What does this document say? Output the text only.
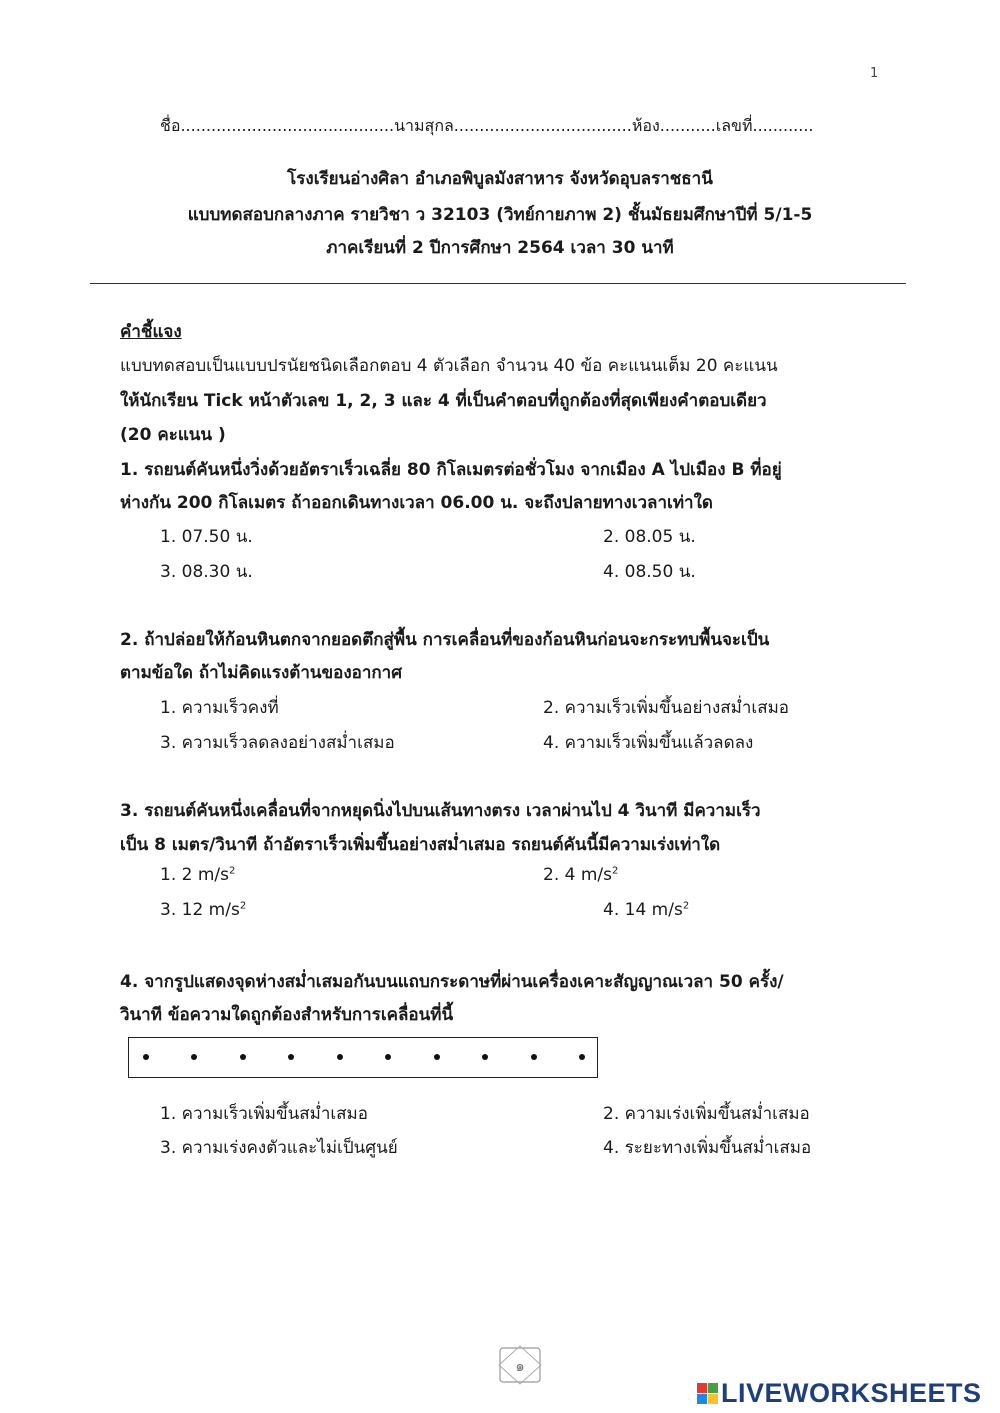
1
ชื่อ..........................................นามสุกล...................................ห้อง...........เลขที่............
โรงเรียนอ่างศิลา อำเภอพิบูลมังสาหาร จังหวัดอุบลราชธานี
แบบทดสอบกลางภาค รายวิชา ว 32103 (วิทย์กายภาพ 2) ชั้นมัธยมศึกษาปีที่ 5/1-5
ภาคเรียนที่ 2 ปีการศึกษา 2564 เวลา 30 นาที
คำชี้แจง
แบบทดสอบเป็นแบบปรนัยชนิดเลือกตอบ 4 ตัวเลือก จำนวน 40 ข้อ คะแนนเต็ม 20 คะแนน
ให้นักเรียน Tick หน้าตัวเลข 1, 2, 3 และ 4 ที่เป็นคำตอบที่ถูกต้องที่สุดเพียงคำตอบเดียว
(20 คะแนน )
1. รถยนต์คันหนึ่งวิ่งด้วยอัตราเร็วเฉลี่ย 80 กิโลเมตรต่อชั่วโมง จากเมือง A ไปเมือง B ที่อยู่
ห่างกัน 200 กิโลเมตร ถ้าออกเดินทางเวลา 06.00 น. จะถึงปลายทางเวลาเท่าใด
1. 07.50 น.	2. 08.05 น.
3. 08.30 น.	4. 08.50 น.
2. ถ้าปล่อยให้ก้อนหินตกจากยอดตึกสู่พื้น การเคลื่อนที่ของก้อนหินก่อนจะกระทบพื้นจะเป็น
ตามข้อใด ถ้าไม่คิดแรงต้านของอากาศ
1. ความเร็วคงที่	2. ความเร็วเพิ่มขึ้นอย่างสม่ำเสมอ
3. ความเร็วลดลงอย่างสม่ำเสมอ	4. ความเร็วเพิ่มขึ้นแล้วลดลง
3. รถยนต์คันหนึ่งเคลื่อนที่จากหยุดนิ่งไปบนเส้นทางตรง เวลาผ่านไป 4 วินาที มีความเร็ว
เป็น 8 เมตร/วินาที ถ้าอัตราเร็วเพิ่มขึ้นอย่างสม่ำเสมอ รถยนต์คันนี้มีความเร่งเท่าใด
1. 2 $m/s^2$	2. 4 $m/s^2$
3. 12 $m/s^2$	4. 14 $m/s^2$
4. จากรูปแสดงจุดห่างสม่ำเสมอกันบนแถบกระดาษที่ผ่านเครื่องเคาะสัญญาณเวลา 50 ครั้ง/
วินาที ข้อความใดถูกต้องสำหรับการเคลื่อนที่นี้
1. ความเร็วเพิ่มขึ้นสม่ำเสมอ	2. ความเร่งเพิ่มขึ้นสม่ำเสมอ
3. ความเร่งคงตัวและไม่เป็นศูนย์	4. ระยะทางเพิ่มขึ้นสม่ำเสมอ
๑
LIVEWORKSHEETS
